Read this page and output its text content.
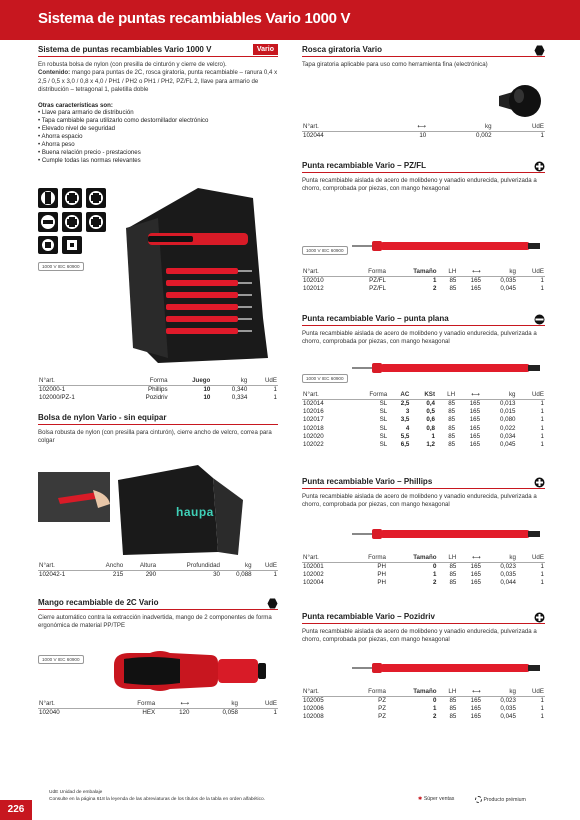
Sistema de puntas recambiables Vario 1000 V
Sistema de puntas recambiables Vario 1000 V	Vario
En robusta bolsa de nylon (con presilla de cinturón y cierre de velcro).
Contenido: mango para puntas de 2C, rosca giratoria, punta recambiable – ranura 0,4 x 2,5 / 0,5 x 3,0 / 0,8 x 4,0 / PH1 / PH2 o PH1 / PH2, PZ/FL 2, llave para armario de distribución – tetragonal 1, paletilla doble
Otras características son:
• Llave para armario de distribución
• Tapa cambiable para utilizarlo como destornillador electrónico
• Elevado nivel de seguridad
• Ahorra espacio
• Ahorra peso
• Buena relación precio - prestaciones
• Cumple todas las normas relevantes
1000 V IEC 60900
N°art.	Forma	Juego	kg	UdE
102000-1	Phillips	10	0,340	1
102000/PZ-1	Pozidriv	10	0,334	1
Bolsa de nylon Vario - sin equipar
Bolsa robusta de nylon (con presilla para cinturón), cierre ancho de velcro, correa para colgar
haupa
N°art.	Ancho	Altura	Profundidad	kg	UdE
102042-1	215	290	30	0,088	1
Mango recambiable de 2C Vario
Cierre automático contra la extracción inadvertida, mango de 2 componentes de forma ergonómica de material PP/TPE
1000 V IEC 60900
N°art.	Forma	⟷	kg	UdE
102040	HEX	120	0,058	1
Rosca giratoria Vario
Tapa giratoria aplicable para uso como herramienta fina (electrónica)
N°art.	⟷	kg	UdE
102044	10	0,002	1
Punta recambiable Vario – PZ/FL
Punta recambiable aislada de acero de molibdeno y vanadio endurecida, pulverizada a chorro, comprobada por piezas, con mango hexagonal
1000 V IEC 60900
N°art.	Forma	Tamaño	LH	⟷	kg	UdE
102010	PZ/FL	1	85	165	0,035	1
102012	PZ/FL	2	85	165	0,045	1
Punta recambiable Vario – punta plana
Punta recambiable aislada de acero de molibdeno y vanadio endurecida, pulverizada a chorro, comprobada por piezas, con mango hexagonal
1000 V IEC 60900
N°art.	Forma	AC	KSt	LH	⟷	kg	UdE
102014	SL	2,5	0,4	85	165	0,013	1
102016	SL	3	0,5	85	165	0,015	1
102017	SL	3,5	0,6	85	165	0,080	1
102018	SL	4	0,8	85	165	0,022	1
102020	SL	5,5	1	85	165	0,034	1
102022	SL	6,5	1,2	85	165	0,045	1
Punta recambiable Vario – Phillips
Punta recambiable aislada de acero de molibdeno y vanadio endurecida, pulverizada a chorro, comprobada por piezas, con mango hexagonal
N°art.	Forma	Tamaño	LH	⟷	kg	UdE
102001	PH	0	85	165	0,023	1
102002	PH	1	85	165	0,035	1
102004	PH	2	85	165	0,044	1
Punta recambiable Vario – Pozidriv
Punta recambiable aislada de acero de molibdeno y vanadio endurecida, pulverizada a chorro, comprobada por piezas, con mango hexagonal
N°art.	Forma	Tamaño	LH	⟷	kg	UdE
102005	PZ	0	85	165	0,023	1
102006	PZ	1	85	165	0,035	1
102008	PZ	2	85	165	0,045	1
UdE Unidad de embalaje
Consulte en la página 618 la leyenda de las abreviaturas de los títulos de la tabla en orden alfabético.	✱ Súper ventas	Producto prémium
226
